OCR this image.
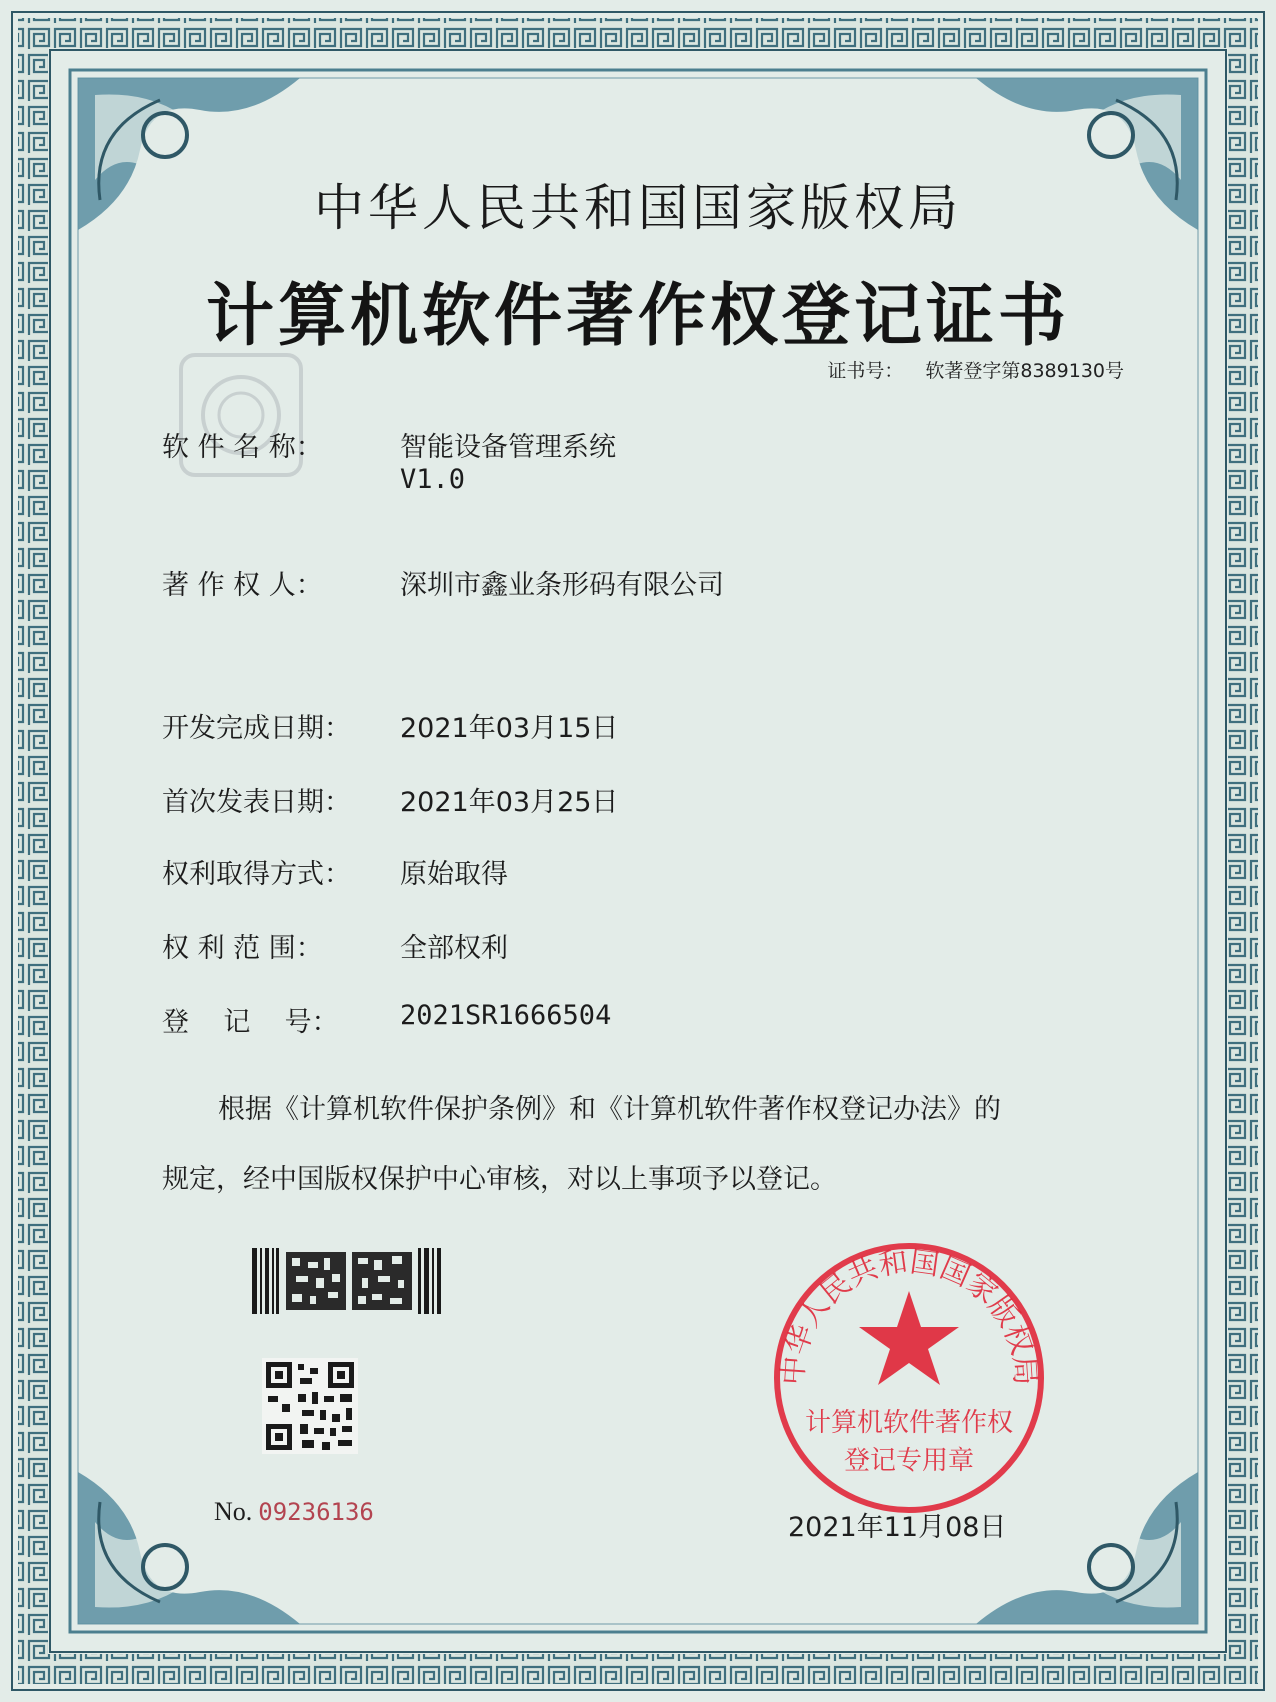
中华人民共和国国家版权局
计算机软件著作权登记证书
证书号： 软著登字第8389130号
软 件 名 称：	智能设备管理系统
V1.0
著 作 权 人：	深圳市鑫业条形码有限公司
开发完成日期： 2021年03月15日
首次发表日期： 2021年03月25日
权利取得方式： 原始取得
权 利 范 围：	全部权利
登    记    号： 2021SR1666504
根据《计算机软件保护条例》和《计算机软件著作权登记办法》的
规定，经中国版权保护中心审核，对以上事项予以登记。
No. 09236136
中华人民共和国国家版权局
计算机软件著作权
登记专用章
2021年11月08日
